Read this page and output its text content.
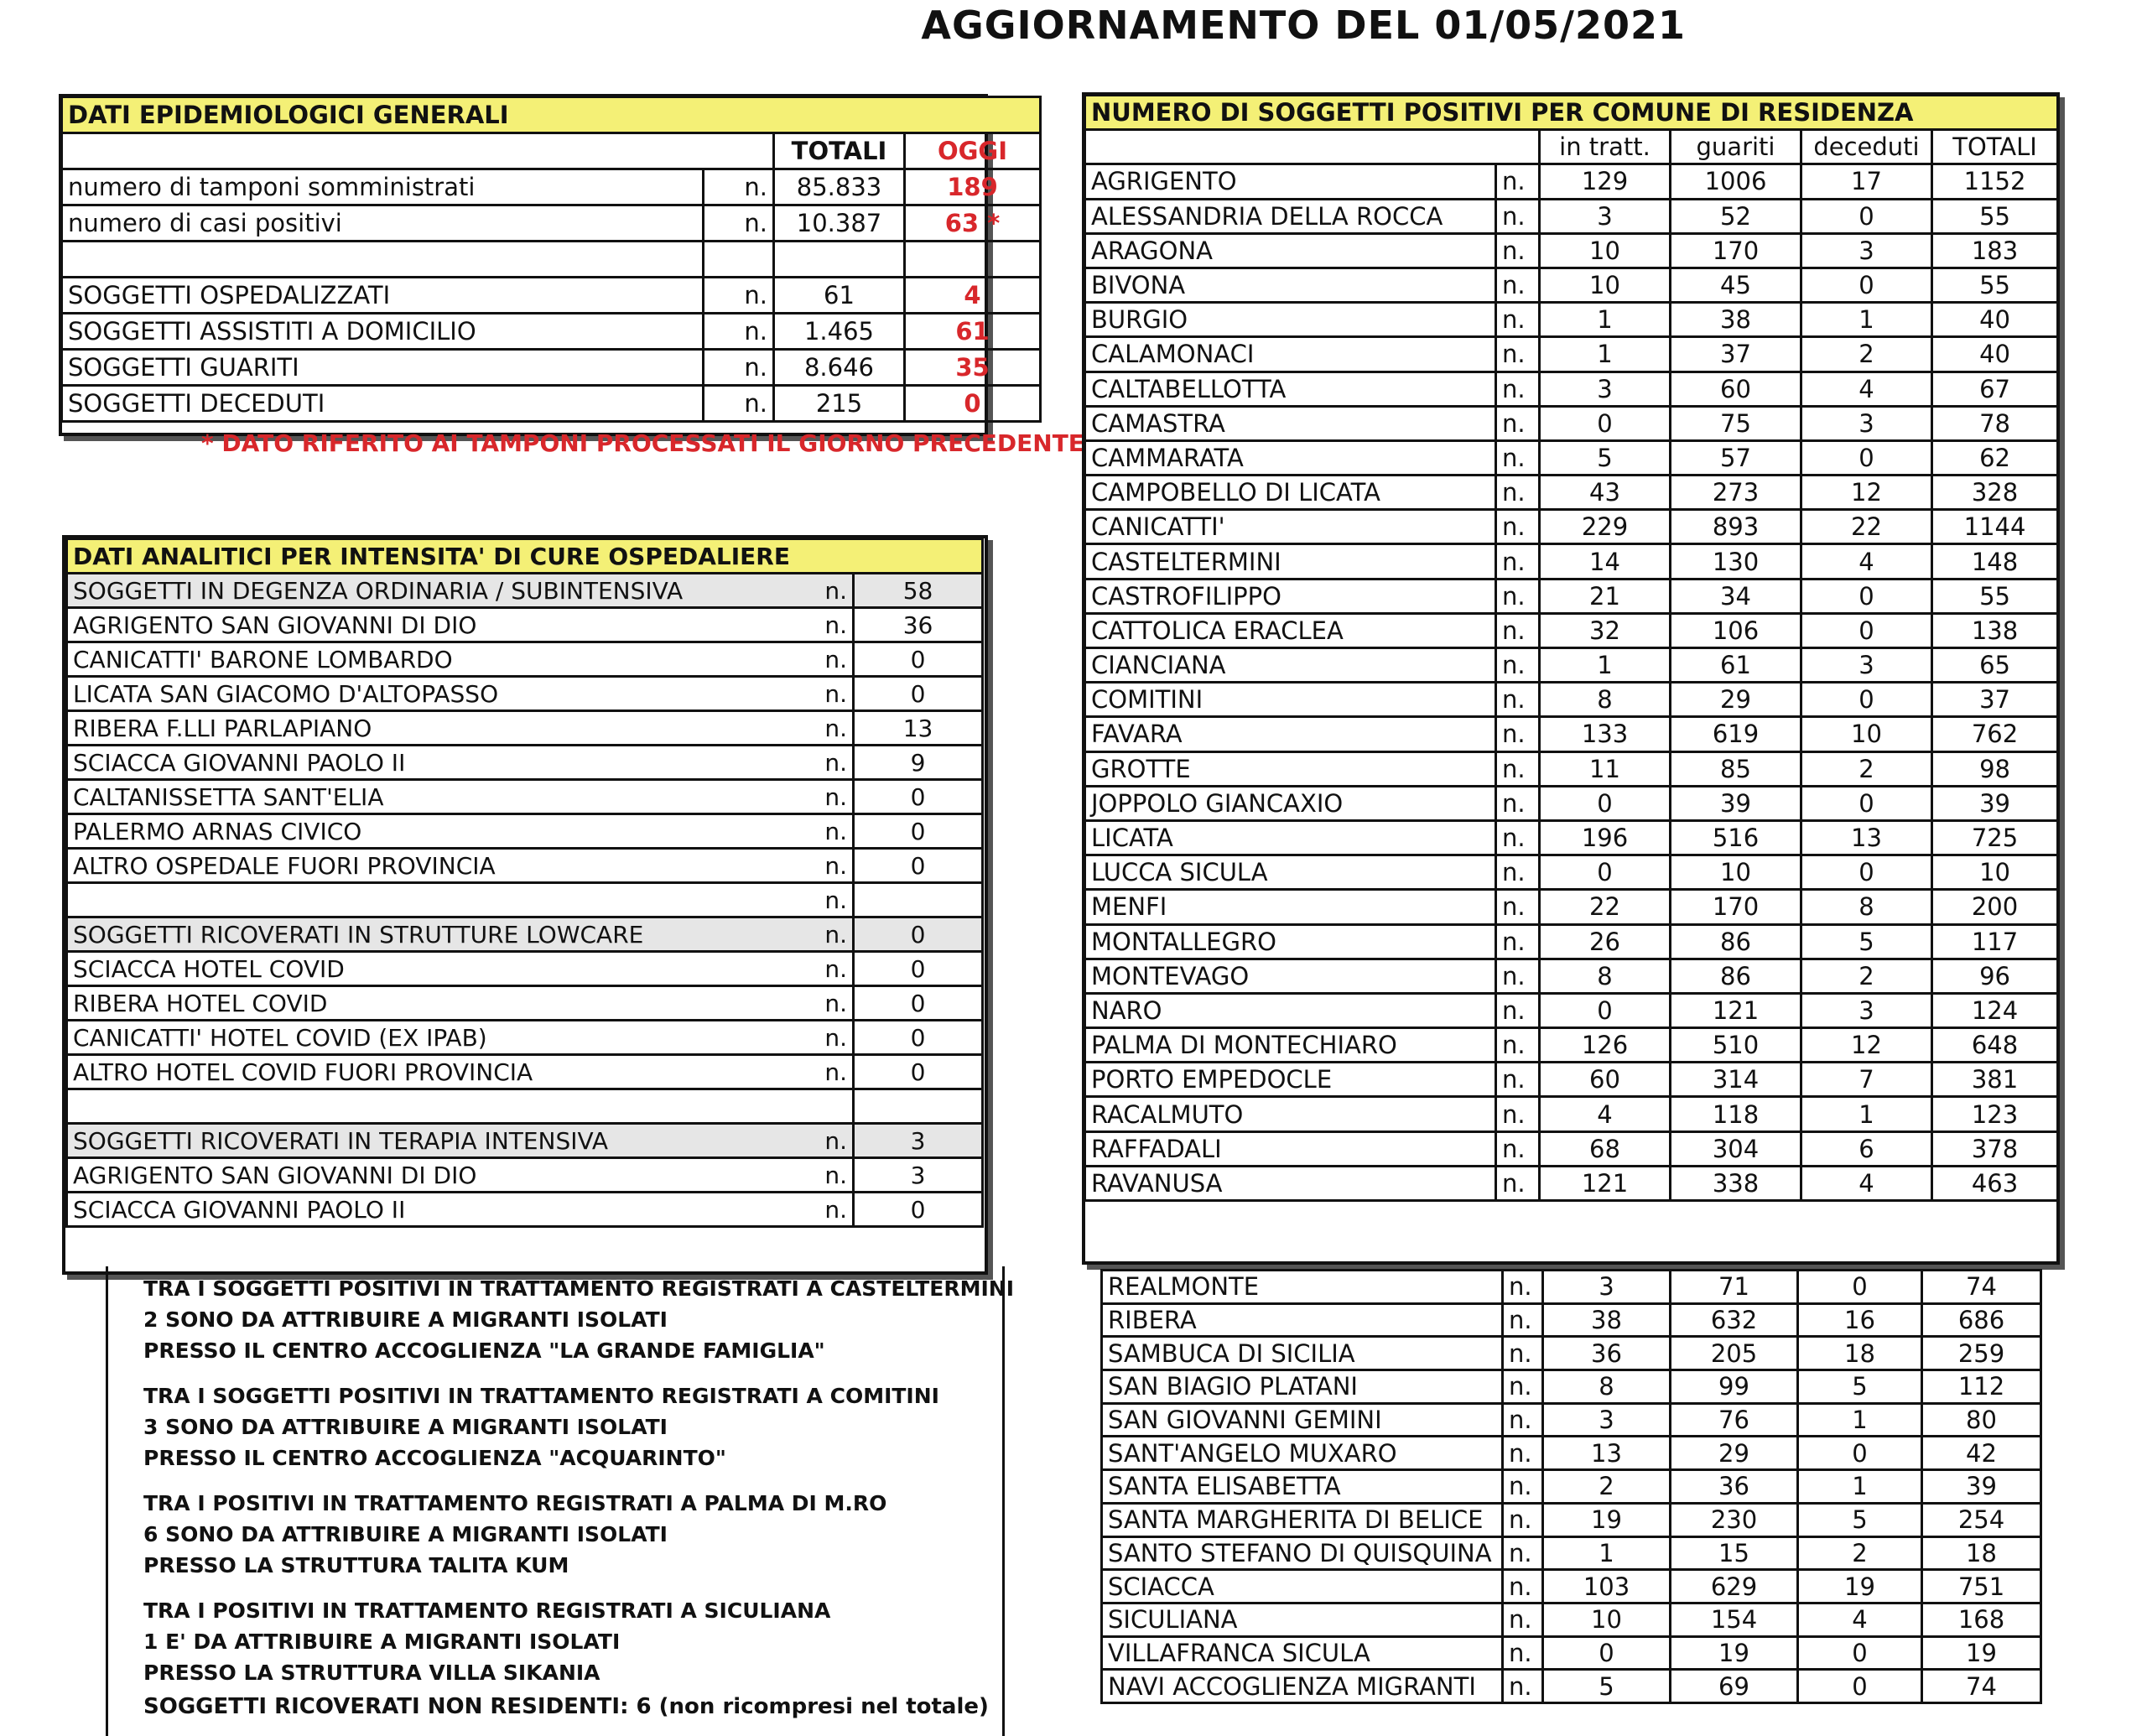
AGGIORNAMENTO DEL 01/05/2021
DATI EPIDEMIOLOGICI GENERALI			
		TOTALI	OGGI
numero di tamponi somministrati	n.	85.833	189
numero di casi positivi	n.	10.387	63 *

SOGGETTI OSPEDALIZZATI	n.	61	4
SOGGETTI ASSISTITI A DOMICILIO	n.	1.465	61
SOGGETTI GUARITI	n.	8.646	35
SOGGETTI DECEDUTI	n.	215	0
* DATO RIFERITO AI TAMPONI PROCESSATI IL GIORNO PRECEDENTE
DATI ANALITICI PER INTENSITA' DI CURE OSPEDALIERE		
SOGGETTI IN DEGENZA ORDINARIA / SUBINTENSIVA	n.	58
AGRIGENTO SAN GIOVANNI DI DIO	n.	36
CANICATTI' BARONE LOMBARDO	n.	0
LICATA SAN GIACOMO D'ALTOPASSO	n.	0
RIBERA F.LLI PARLAPIANO	n.	13
SCIACCA GIOVANNI PAOLO II	n.	9
CALTANISSETTA SANT'ELIA	n.	0
PALERMO ARNAS CIVICO	n.	0
ALTRO OSPEDALE FUORI PROVINCIA	n.	0
	n.	
SOGGETTI RICOVERATI IN STRUTTURE LOWCARE	n.	0
SCIACCA HOTEL COVID	n.	0
RIBERA HOTEL COVID	n.	0
CANICATTI' HOTEL COVID (EX IPAB)	n.	0
ALTRO HOTEL COVID FUORI PROVINCIA	n.	0

SOGGETTI RICOVERATI IN TERAPIA INTENSIVA	n.	3
AGRIGENTO SAN GIOVANNI DI DIO	n.	3
SCIACCA GIOVANNI PAOLO II	n.	0
TRA I SOGGETTI POSITIVI IN TRATTAMENTO REGISTRATI A CASTELTERMINI
2 SONO DA ATTRIBUIRE A MIGRANTI ISOLATI
PRESSO IL CENTRO ACCOGLIENZA "LA GRANDE FAMIGLIA"
TRA I SOGGETTI POSITIVI IN TRATTAMENTO REGISTRATI A COMITINI
3 SONO DA ATTRIBUIRE A MIGRANTI ISOLATI
PRESSO IL CENTRO ACCOGLIENZA "ACQUARINTO"
TRA I POSITIVI IN TRATTAMENTO REGISTRATI A PALMA DI M.RO
6 SONO DA ATTRIBUIRE A MIGRANTI ISOLATI
PRESSO LA STRUTTURA TALITA KUM
TRA I POSITIVI IN TRATTAMENTO REGISTRATI A SICULIANA
1 E' DA ATTRIBUIRE A MIGRANTI ISOLATI
PRESSO LA STRUTTURA VILLA SIKANIA
SOGGETTI RICOVERATI NON RESIDENTI: 6 (non ricompresi nel totale)
NUMERO DI SOGGETTI POSITIVI PER COMUNE DI RESIDENZA					
		in tratt.	guariti	deceduti	TOTALI
AGRIGENTO	n.	129	1006	17	1152
ALESSANDRIA DELLA ROCCA	n.	3	52	0	55
ARAGONA	n.	10	170	3	183
BIVONA	n.	10	45	0	55
BURGIO	n.	1	38	1	40
CALAMONACI	n.	1	37	2	40
CALTABELLOTTA	n.	3	60	4	67
CAMASTRA	n.	0	75	3	78
CAMMARATA	n.	5	57	0	62
CAMPOBELLO DI LICATA	n.	43	273	12	328
CANICATTI'	n.	229	893	22	1144
CASTELTERMINI	n.	14	130	4	148
CASTROFILIPPO	n.	21	34	0	55
CATTOLICA ERACLEA	n.	32	106	0	138
CIANCIANA	n.	1	61	3	65
COMITINI	n.	8	29	0	37
FAVARA	n.	133	619	10	762
GROTTE	n.	11	85	2	98
JOPPOLO GIANCAXIO	n.	0	39	0	39
LICATA	n.	196	516	13	725
LUCCA SICULA	n.	0	10	0	10
MENFI	n.	22	170	8	200
MONTALLEGRO	n.	26	86	5	117
MONTEVAGO	n.	8	86	2	96
NARO	n.	0	121	3	124
PALMA DI MONTECHIARO	n.	126	510	12	648
PORTO EMPEDOCLE	n.	60	314	7	381
RACALMUTO	n.	4	118	1	123
RAFFADALI	n.	68	304	6	378
RAVANUSA	n.	121	338	4	463
REALMONTE	n.	3	71	0	74
RIBERA	n.	38	632	16	686
SAMBUCA DI SICILIA	n.	36	205	18	259
SAN BIAGIO PLATANI	n.	8	99	5	112
SAN GIOVANNI GEMINI	n.	3	76	1	80
SANT'ANGELO MUXARO	n.	13	29	0	42
SANTA ELISABETTA	n.	2	36	1	39
SANTA MARGHERITA DI BELICE	n.	19	230	5	254
SANTO STEFANO DI QUISQUINA	n.	1	15	2	18
SCIACCA	n.	103	629	19	751
SICULIANA	n.	10	154	4	168
VILLAFRANCA SICULA	n.	0	19	0	19
NAVI ACCOGLIENZA MIGRANTI	n.	5	69	0	74
